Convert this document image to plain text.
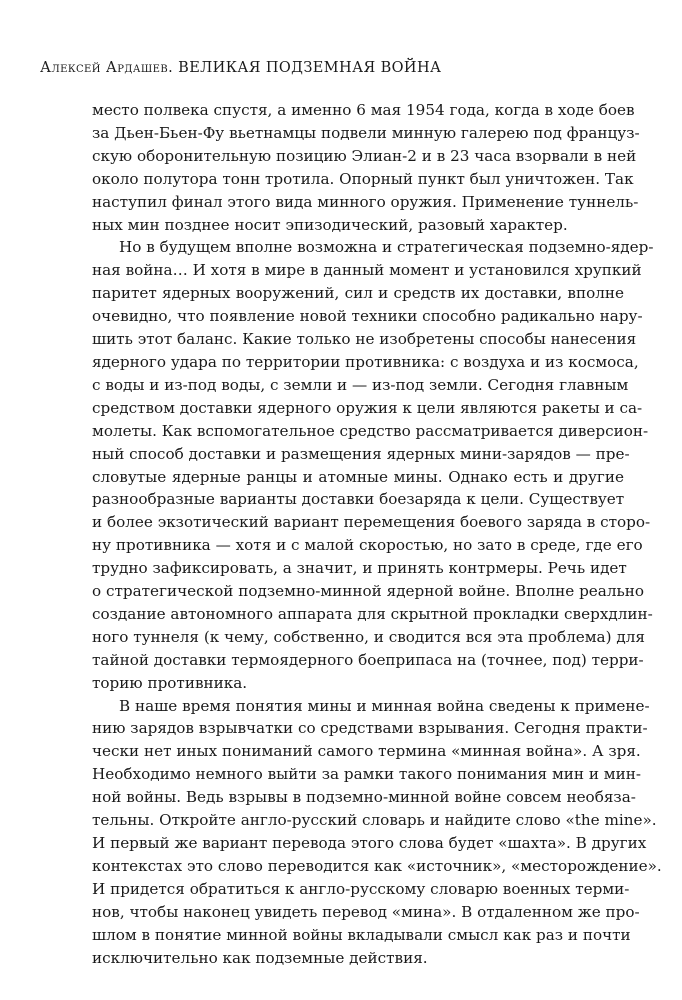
Алексей Ардашев. ВЕЛИКАЯ ПОДЗЕМНАЯ ВОЙНА
место полвека спустя, а именно 6 мая 1954 года, когда в ходе боев
за Дьен-Бьен-Фу вьетнамцы подвели минную галерею под француз-
скую оборонительную позицию Элиан-2 и в 23 часа взорвали в ней
около полутора тонн тротила. Опорный пункт был уничтожен. Так
наступил финал этого вида минного оружия. Применение туннель-
ных мин позднее носит эпизодический, разовый характер.
Но в будущем вполне возможна и стратегическая подземно-ядер-
ная война… И хотя в мире в данный момент и установился хрупкий
паритет ядерных вооружений, сил и средств их доставки, вполне
очевидно, что появление новой техники способно радикально нару-
шить этот баланс. Какие только не изобретены способы нанесения
ядерного удара по территории противника: с воздуха и из космоса,
с воды и из-под воды, с земли и — из-под земли. Сегодня главным
средством доставки ядерного оружия к цели являются ракеты и са-
молеты. Как вспомогательное средство рассматривается диверсион-
ный способ доставки и размещения ядерных мини-зарядов — пре-
словутые ядерные ранцы и атомные мины. Однако есть и другие
разнообразные варианты доставки боезаряда к цели. Существует
и более экзотический вариант перемещения боевого заряда в сторо-
ну противника — хотя и с малой скоростью, но зато в среде, где его
трудно зафиксировать, а значит, и принять контрмеры. Речь идет
о стратегической подземно-минной ядерной войне. Вполне реально
создание автономного аппарата для скрытной прокладки сверхдлин-
ного туннеля (к чему, собственно, и сводится вся эта проблема) для
тайной доставки термоядерного боеприпаса на (точнее, под) терри-
торию противника.
В наше время понятия мины и минная война сведены к примене-
нию зарядов взрывчатки со средствами взрывания. Сегодня практи-
чески нет иных пониманий самого термина «минная война». А зря.
Необходимо немного выйти за рамки такого понимания мин и мин-
ной войны. Ведь взрывы в подземно-минной войне совсем необяза-
тельны. Откройте англо-русский словарь и найдите слово «the mine».
И первый же вариант перевода этого слова будет «шахта». В других
контекстах это слово переводится как «источник», «месторождение».
И придется обратиться к англо-русскому словарю военных терми-
нов, чтобы наконец увидеть перевод «мина». В отдаленном же про-
шлом в понятие минной войны вкладывали смысл как раз и почти
исключительно как подземные действия.
